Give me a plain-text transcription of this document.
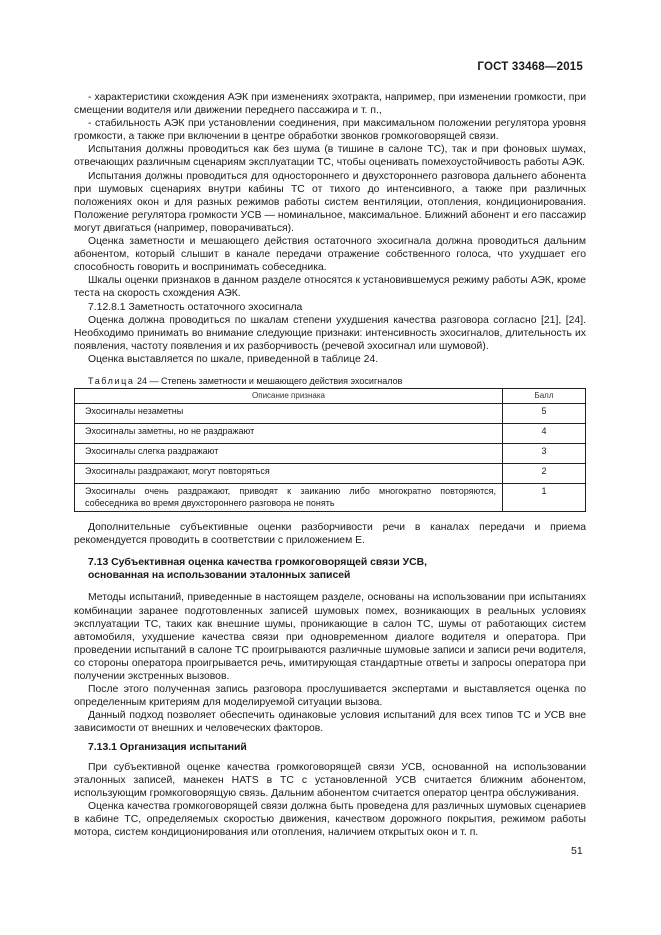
ГОСТ 33468—2015

- характеристики схождения АЭК при изменениях эхотракта, например, при изменении громкости, при смещении водителя или движении переднего пассажира и т. п.,

- стабильность АЭК при установлении соединения, при максимальном положении регулятора уровня громкости, а также при включении в центре обработки звонков громкоговорящей связи.

Испытания должны проводиться как без шума (в тишине в салоне ТС), так и при фоновых шумах, отвечающих различным сценариям эксплуатации ТС, чтобы оценивать помехоустойчивость работы АЭК.

Испытания должны проводиться для одностороннего и двухстороннего разговора дальнего абонента при шумовых сценариях внутри кабины ТС от тихого до интенсивного, а также при различных положениях окон и для разных режимов работы систем вентиляции, отопления, кондиционирования. Положение регулятора громкости УСВ — номинальное, максимальное. Ближний абонент и его пассажир могут двигаться (например, поворачиваться).

Оценка заметности и мешающего действия остаточного эхосигнала должна проводиться дальним абонентом, который слышит в канале передачи отражение собственного голоса, что ухудшает его способность говорить и воспринимать собеседника.

Шкалы оценки признаков в данном разделе относятся к установившемуся режиму работы АЭК, кроме теста на скорость схождения АЭК.

7.12.8.1 Заметность остаточного эхосигнала

Оценка должна проводиться по шкалам степени ухудшения качества разговора согласно [21], [24]. Необходимо принимать во внимание следующие признаки: интенсивность эхосигналов, длительность их появления, частоту появления и их разборчивость (речевой эхосигнал или шумовой).

Оценка выставляется по шкале, приведенной в таблице 24.

Таблица 24 — Степень заметности и мешающего действия эхосигналов

Описание признака	Балл

Эхосигналы незаметны	5

Эхосигналы заметны, но не раздражают	4

Эхосигналы слегка раздражают	3

Эхосигналы раздражают, могут повторяться	2

Эхосигналы очень раздражают, приводят к заиканию либо многократно повторяются, собеседника во время двухстороннего разговора не понять	1

Дополнительные субъективные оценки разборчивости речи в каналах передачи и приема рекомендуется проводить в соответствии с приложением Е.

7.13 Субъективная оценка качества громкоговорящей связи УСВ,
основанная на использовании эталонных записей

Методы испытаний, приведенные в настоящем разделе, основаны на использовании при испытаниях комбинации заранее подготовленных записей шумовых помех, возникающих в реальных условиях эксплуатации ТС, таких как внешние шумы, проникающие в салон ТС, шумы от работающих систем автомобиля, ухудшение качества связи при одновременном диалоге водителя и оператора. При проведении испытаний в салоне ТС проигрываются различные шумовые записи и записи речи водителя, со стороны оператора проигрывается речь, имитирующая стандартные ответы и запросы оператора при получении экстренных вызовов.

После этого полученная запись разговора прослушивается экспертами и выставляется оценка по определенным критериям для моделируемой ситуации вызова.

Данный подход позволяет обеспечить одинаковые условия испытаний для всех типов ТС и УСВ вне зависимости от внешних и человеческих факторов.

7.13.1 Организация испытаний

При субъективной оценке качества громкоговорящей связи УСВ, основанной на использовании эталонных записей, манекен HATS в ТС с установленной УСВ считается ближним абонентом, использующим громкоговорящую связь. Дальним абонентом считается оператор центра обслуживания.

Оценка качества громкоговорящей связи должна быть проведена для различных шумовых сценариев в кабине ТС, определяемых скоростью движения, качеством дорожного покрытия, режимом работы мотора, систем кондиционирования или отопления, наличием открытых окон и т. п.

51
